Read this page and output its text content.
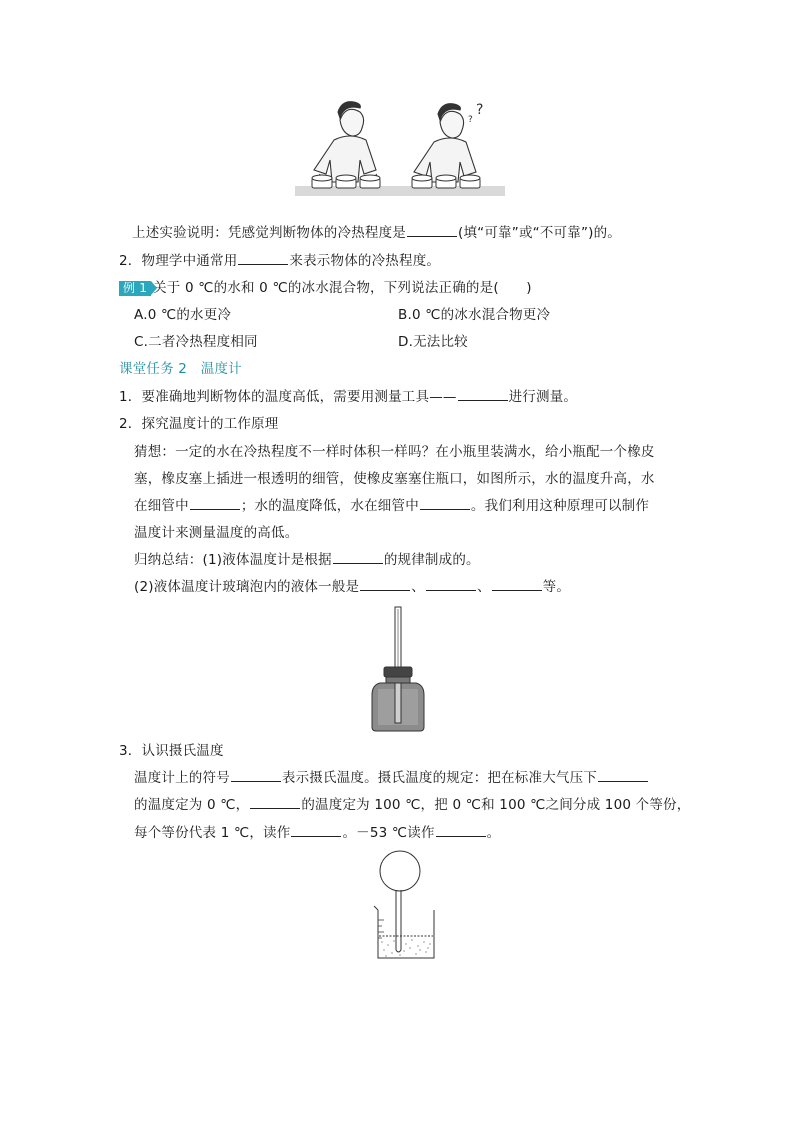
?
?
上述实验说明：凭感觉判断物体的冷热程度是	(填“可靠”或“不可靠”)的。
2．物理学中通常用	来表示物体的冷热程度。
例 1 关于 0 ℃的水和 0 ℃的冰水混合物，下列说法正确的是(　　)
A.0 ℃的水更冷	B.0 ℃的冰水混合物更冷
C.二者冷热程度相同	D.无法比较
课堂任务 2　温度计
1．要准确地判断物体的温度高低，需要用测量工具——	进行测量。
2．探究温度计的工作原理
猜想：一定的水在冷热程度不一样时体积一样吗？在小瓶里装满水，给小瓶配一个橡皮
塞，橡皮塞上插进一根透明的细管，使橡皮塞塞住瓶口，如图所示，水的温度升高，水
在细管中	；水的温度降低，水在细管中	。我们利用这种原理可以制作
温度计来测量温度的高低。
归纳总结：(1)液体温度计是根据	的规律制成的。
(2)液体温度计玻璃泡内的液体一般是	、	、	等。
3．认识摄氏温度
温度计上的符号	表示摄氏温度。摄氏温度的规定：把在标准大气压下
的温度定为 0 ℃，	的温度定为 100 ℃，把 0 ℃和 100 ℃之间分成 100 个等份，
每个等份代表 1 ℃，读作	。－53 ℃读作	。
